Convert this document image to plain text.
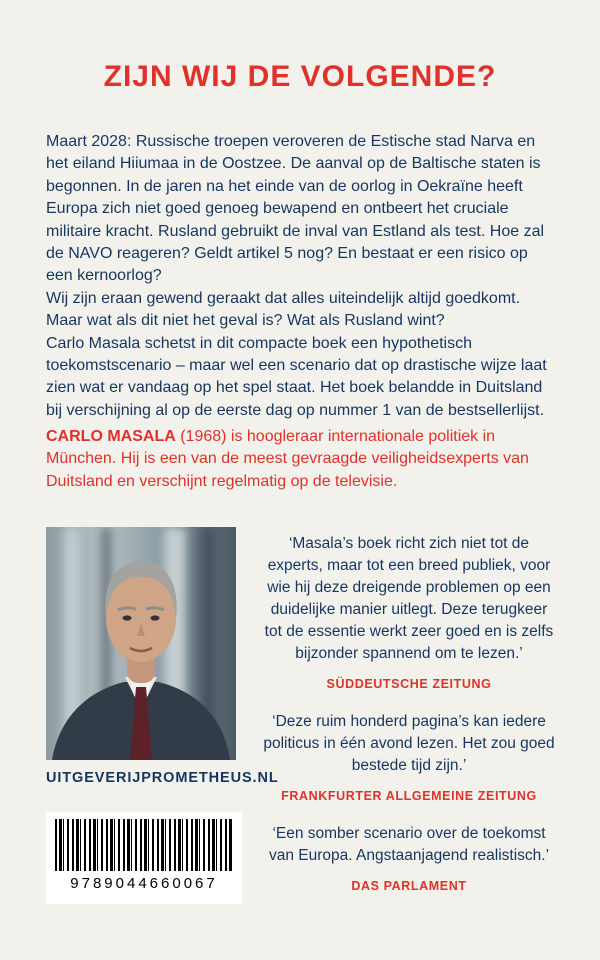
ZIJN WIJ DE VOLGENDE?

Maart 2028: Russische troepen veroveren de Estische stad Narva en het eiland Hiiumaa in de Oostzee. De aanval op de Baltische staten is begonnen. In de jaren na het einde van de oorlog in Oekraïne heeft Europa zich niet goed genoeg bewapend en ontbeert het cruciale militaire kracht. Rusland gebruikt de inval van Estland als test. Hoe zal de NAVO reageren? Geldt artikel 5 nog? En bestaat er een risico op een kernoorlog?

Wij zijn eraan gewend geraakt dat alles uiteindelijk altijd goedkomt. Maar wat als dit niet het geval is? Wat als Rusland wint?

Carlo Masala schetst in dit compacte boek een hypothetisch toekomstscenario – maar wel een scenario dat op drastische wijze laat zien wat er vandaag op het spel staat. Het boek belandde in Duitsland bij verschijning al op de eerste dag op nummer 1 van de bestsellerlijst.

CARLO MASALA (1968) is hoogleraar internationale politiek in München. Hij is een van de meest gevraagde veiligheidsexperts van Duitsland en verschijnt regelmatig op de televisie.
UITGEVERIJPROMETHEUS.NL
9789044660067
‘Masala’s boek richt zich niet tot de experts, maar tot een breed publiek, voor wie hij deze dreigende problemen op een duidelijke manier uitlegt. Deze terugkeer tot de essentie werkt zeer goed en is zelfs bijzonder spannend om te lezen.’
SÜDDEUTSCHE ZEITUNG
‘Deze ruim honderd pagina’s kan iedere politicus in één avond lezen. Het zou goed bestede tijd zijn.’
FRANKFURTER ALLGEMEINE ZEITUNG
‘Een somber scenario over de toekomst van Europa. Angstaanjagend realistisch.’
DAS PARLAMENT
